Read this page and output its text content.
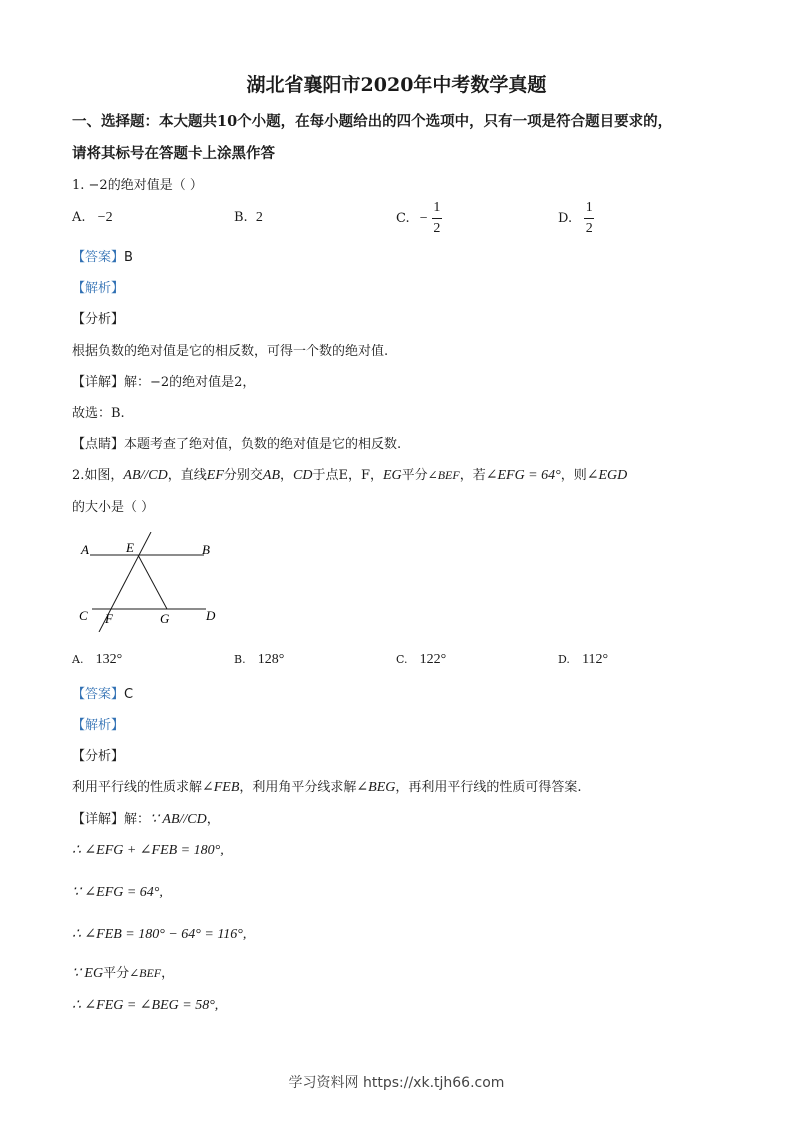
湖北省襄阳市2020年中考数学真题
一、选择题：本大题共10个小题，在每小题给出的四个选项中，只有一项是符合题目要求的，
请将其标号在答题卡上涂黑作答
1. −2的绝对值是（ ）
A. −2	B. 2	C. − $\frac{1}{2}$	D. $\frac{1}{2}$
【答案】B
【解析】
【分析】
根据负数的绝对值是它的相反数，可得一个数的绝对值.
【详解】解：−2的绝对值是2，
故选：B.
【点睛】本题考查了绝对值，负数的绝对值是它的相反数.
2.如图，AB//CD，直线EF分别交AB，CD于点E，F，EG平分∠BEF，若∠EFG = 64°，则∠EGD
的大小是（ ）
A	E	B
C F	G	D
A. 132°	B. 128°	C. 122°	D. 112°
【答案】C
【解析】
【分析】
利用平行线的性质求解∠FEB，利用角平分线求解∠BEG，再利用平行线的性质可得答案.
【详解】解：∵ AB//CD，
∴ ∠EFG + ∠FEB = 180°,
∵ ∠EFG = 64°,
∴ ∠FEB = 180° − 64° = 116°,
∵ EG平分∠BEF，
∴ ∠FEG = ∠BEG = 58°,
学习资料网 https://xk.tjh66.com
